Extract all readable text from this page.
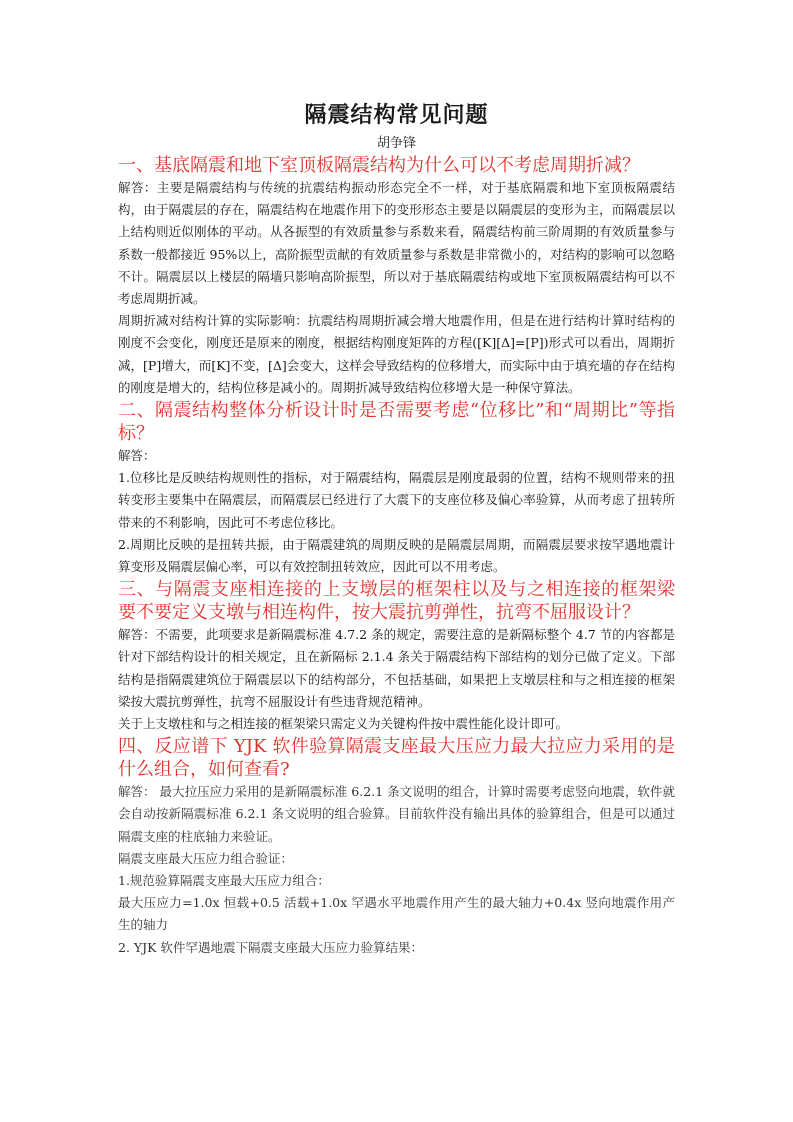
隔震结构常见问题

胡争锋

一、基底隔震和地下室顶板隔震结构为什么可以不考虑周期折减？

解答：主要是隔震结构与传统的抗震结构振动形态完全不一样，对于基底隔震和地下室顶板隔震结构，由于隔震层的存在，隔震结构在地震作用下的变形形态主要是以隔震层的变形为主，而隔震层以上结构则近似刚体的平动。从各振型的有效质量参与系数来看，隔震结构前三阶周期的有效质量参与系数一般都接近 95%以上，高阶振型贡献的有效质量参与系数是非常微小的，对结构的影响可以忽略不计。隔震层以上楼层的隔墙只影响高阶振型，所以对于基底隔震结构或地下室顶板隔震结构可以不考虑周期折减。

周期折减对结构计算的实际影响：抗震结构周期折减会增大地震作用，但是在进行结构计算时结构的刚度不会变化，刚度还是原来的刚度，根据结构刚度矩阵的方程([K][Δ]=[P])形式可以看出，周期折减，[P]增大，而[K]不变，[Δ]会变大，这样会导致结构的位移增大，而实际中由于填充墙的存在结构的刚度是增大的，结构位移是减小的。周期折减导致结构位移增大是一种保守算法。

二、隔震结构整体分析设计时是否需要考虑“位移比”和“周期比”等指标？

解答：

1.位移比是反映结构规则性的指标，对于隔震结构，隔震层是刚度最弱的位置，结构不规则带来的扭转变形主要集中在隔震层，而隔震层已经进行了大震下的支座位移及偏心率验算，从而考虑了扭转所带来的不利影响，因此可不考虑位移比。

2.周期比反映的是扭转共振，由于隔震建筑的周期反映的是隔震层周期，而隔震层要求按罕遇地震计算变形及隔震层偏心率，可以有效控制扭转效应，因此可以不用考虑。

三、与隔震支座相连接的上支墩层的框架柱以及与之相连接的框架梁要不要定义支墩与相连构件，按大震抗剪弹性，抗弯不屈服设计？

解答：不需要，此项要求是新隔震标准 4.7.2 条的规定，需要注意的是新隔标整个 4.7 节的内容都是针对下部结构设计的相关规定，且在新隔标 2.1.4 条关于隔震结构下部结构的划分已做了定义。下部结构是指隔震建筑位于隔震层以下的结构部分，不包括基础，如果把上支墩层柱和与之相连接的框架梁按大震抗剪弹性，抗弯不屈服设计有些违背规范精神。

关于上支墩柱和与之相连接的框架梁只需定义为关键构件按中震性能化设计即可。

四、反应谱下 YJK 软件验算隔震支座最大压应力最大拉应力采用的是什么组合，如何查看?

解答： 最大拉压应力采用的是新隔震标准 6.2.1 条文说明的组合，计算时需要考虑竖向地震，软件就会自动按新隔震标准 6.2.1 条文说明的组合验算。目前软件没有输出具体的验算组合，但是可以通过隔震支座的柱底轴力来验证。

隔震支座最大压应力组合验证：

1.规范验算隔震支座最大压应力组合：

最大压应力=1.0x 恒载+0.5 活载+1.0x 罕遇水平地震作用产生的最大轴力+0.4x 竖向地震作用产生的轴力

2. YJK 软件罕遇地震下隔震支座最大压应力验算结果：
